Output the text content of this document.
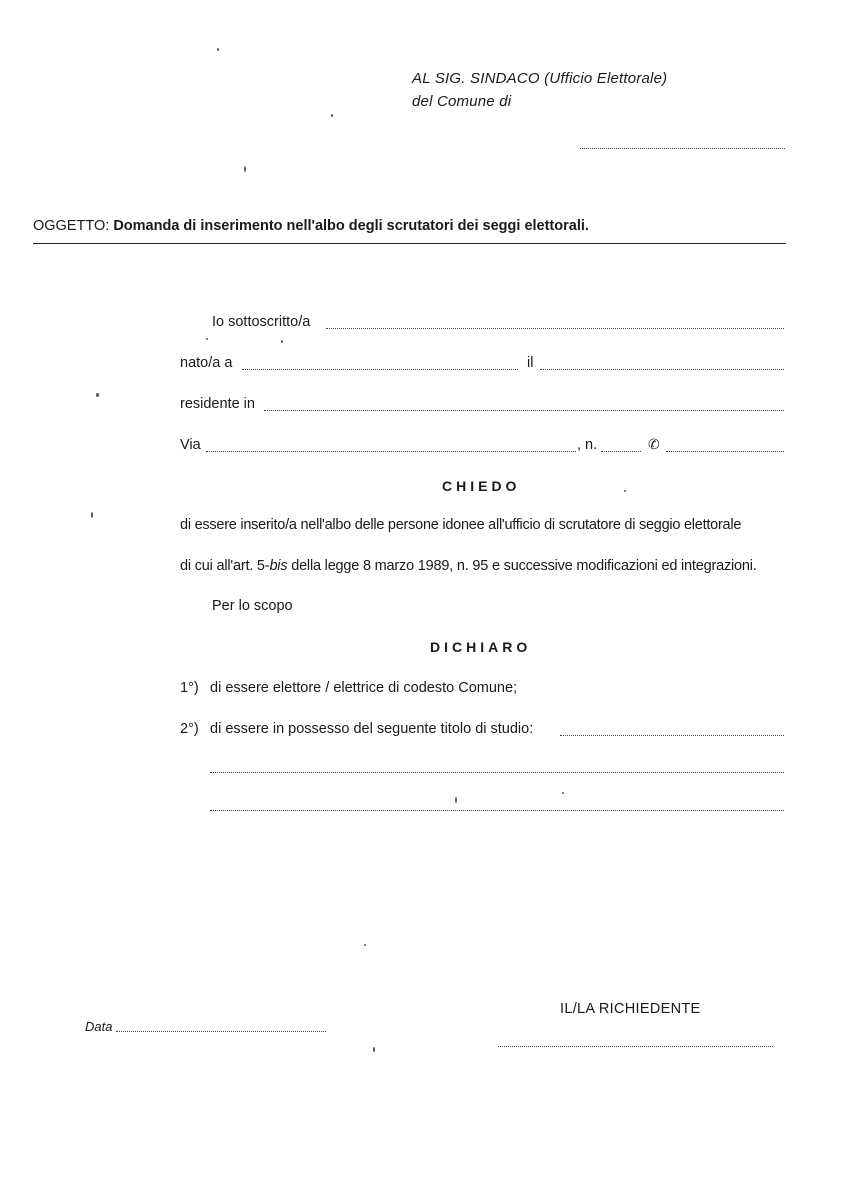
AL SIG. SINDACO (Ufficio Elettorale)
del Comune di
OGGETTO: Domanda di inserimento nell'albo degli scrutatori dei seggi elettorali.
Io sottoscritto/a
nato/a a	il
residente in
Via	, n.	✆
CHIEDO
di essere inserito/a nell'albo delle persone idonee all'ufficio di scrutatore di seggio elettorale
di cui all'art. 5-bis della legge 8 marzo 1989, n. 95 e successive modificazioni ed integrazioni.
Per lo scopo
DICHIARO
1°) di essere elettore / elettrice di codesto Comune;
2°) di essere in possesso del seguente titolo di studio:
IL/LA RICHIEDENTE
Data
